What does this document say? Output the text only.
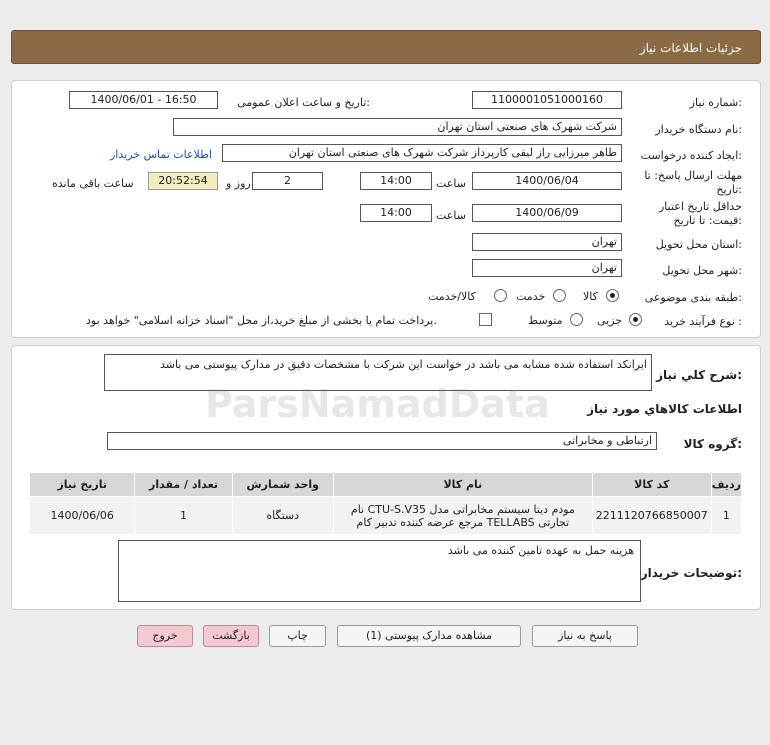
جزئیات اطلاعات نیاز
شماره نیاز:
1100001051000160
تاریخ و ساعت اعلان عمومی:
1400/06/01 - 16:50
نام دستگاه خریدار:
شرکت شهرک های صنعتی استان تهران
ایجاد کننده درخواست:
طاهر میرزایی راز لیقی کارپرداز شرکت شهرک های صنعتی استان تهران
اطلاعات تماس خریدار
مهلت ارسال پاسخ: تا
تاریخ:
1400/06/04
ساعت
14:00
2
روز و
20:52:54
ساعت باقی مانده
حداقل تاریخ اعتبار
قیمت: تا تاریخ:
1400/06/09
ساعت
14:00
استان محل تحویل:
تهران
شهر محل تحویل:
تهران
طبقه بندی موضوعی:
کالا
خدمت
کالا/خدمت
نوع فرآیند خرید :
جزیی
متوسط
پرداخت تمام یا بخشی از مبلغ خرید،از محل "اسناد خزانه اسلامی" خواهد بود.
شرح کلي نياز:
ایرانکد استفاده شده مشابه می باشد در خواست این شرکت با مشخصات دقیق در مدارک پیوستی می باشد
اطلاعات کالاهاي مورد نياز
گروه کالا:
ارتباطی و مخابراتی
ردیف	کد کالا	نام کالا	واحد شمارش	تعداد / مقدار	تاریخ نیاز
1	2211120766850007	مودم دیتا سیستم مخابراتی مدل CTU-S.V35 نام تجارتی TELLABS مرجع عرضه کننده تدبیر کام	دستگاه	1	1400/06/06
توضیحات خریدار:
هزینه حمل به عهده تامین کننده می باشد
پاسخ به نیاز
مشاهده مدارک پیوستی (1)
چاپ
بازگشت
خروج
